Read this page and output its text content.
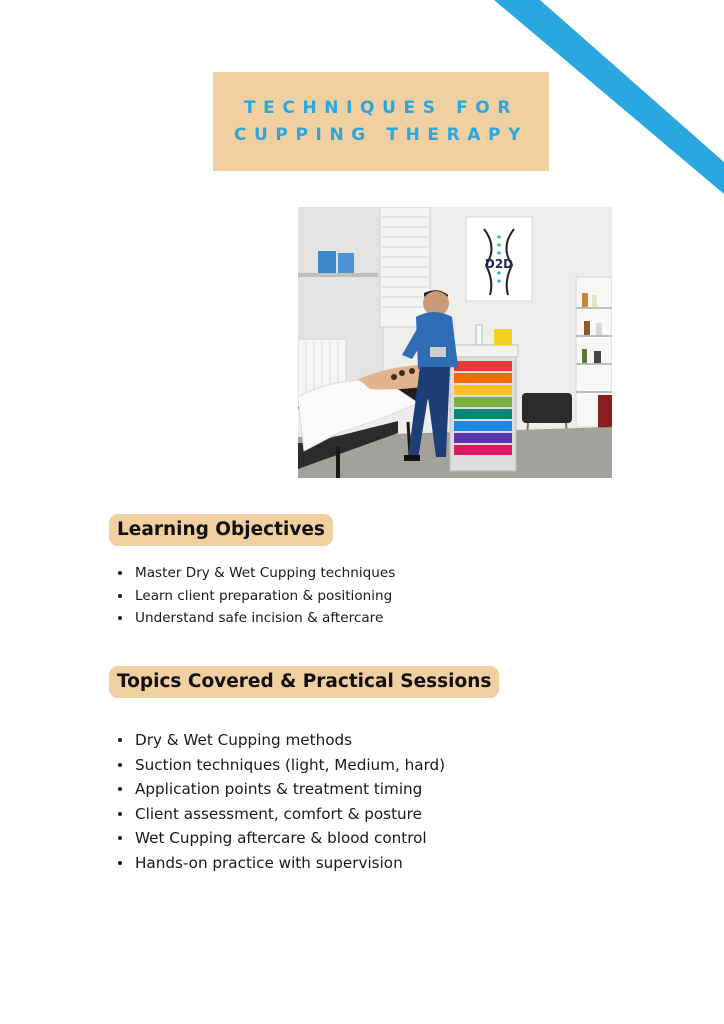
TECHNIQUES FOR
CUPPING THERAPY
D2D
Learning Objectives
Master Dry & Wet Cupping techniques
Learn client preparation & positioning
Understand safe incision & aftercare
Topics Covered & Practical Sessions
Dry & Wet Cupping methods
Suction techniques (light, Medium, hard)
Application points & treatment timing
Client assessment, comfort & posture
Wet Cupping aftercare & blood control
Hands-on practice with supervision
